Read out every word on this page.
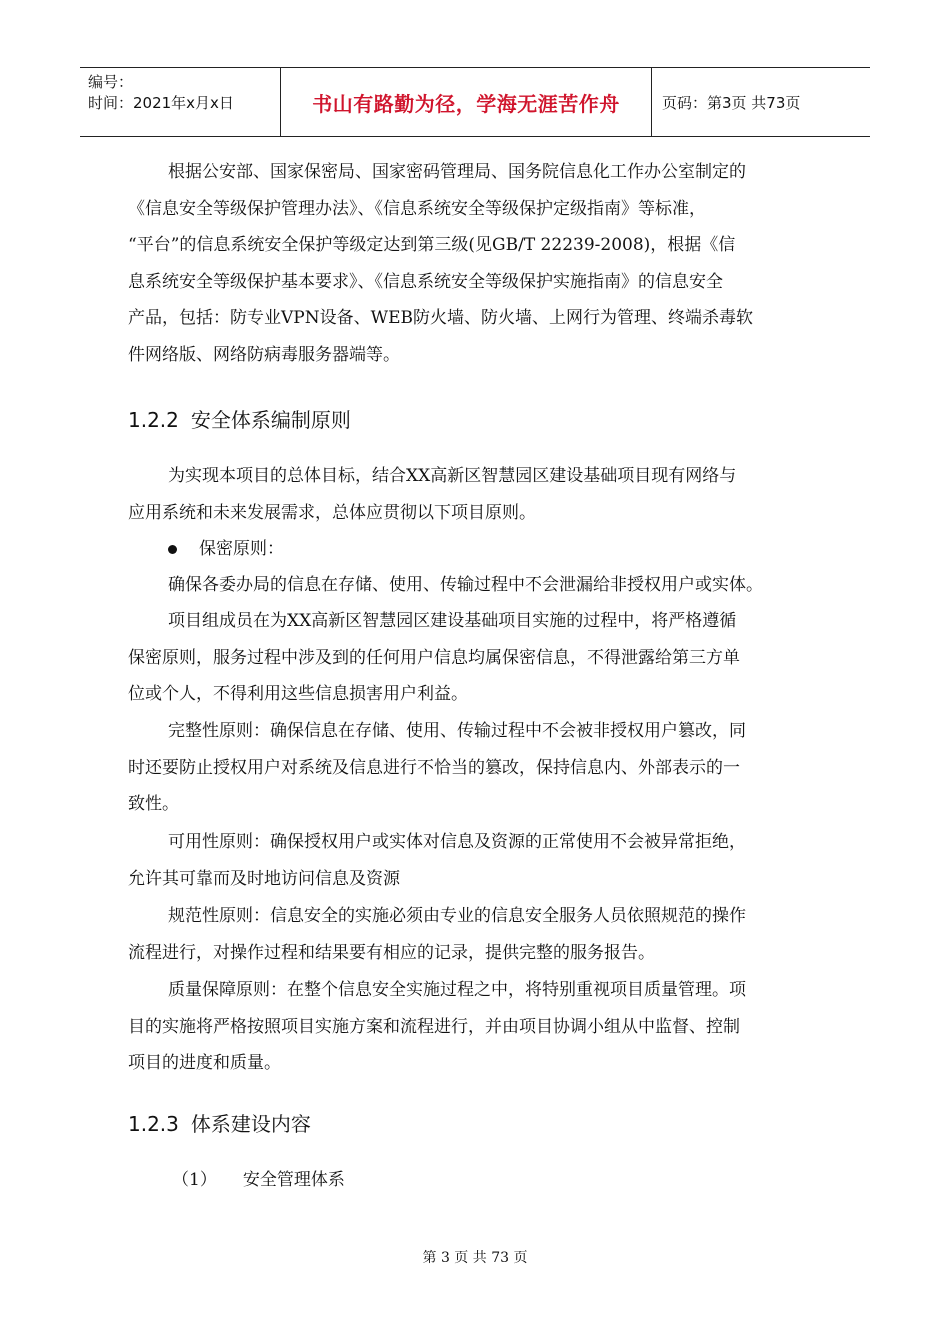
编号：
时间：2021年x月x日	书山有路勤为径，学海无涯苦作舟	页码：第3页 共73页
根据公安部、国家保密局、国家密码管理局、国务院信息化工作办公室制定的
《信息安全等级保护管理办法》、《信息系统安全等级保护定级指南》等标准，
“平台”的信息系统安全保护等级定达到第三级(见GB/T 22239-2008)，根据《信
息系统安全等级保护基本要求》、《信息系统安全等级保护实施指南》的信息安全
产品，包括：防专业VPN设备、WEB防火墙、防火墙、上网行为管理、终端杀毒软
件网络版、网络防病毒服务器端等。
1.2.2 安全体系编制原则
为实现本项目的总体目标，结合XX高新区智慧园区建设基础项目现有网络与
应用系统和未来发展需求，总体应贯彻以下项目原则。
保密原则：
确保各委办局的信息在存储、使用、传输过程中不会泄漏给非授权用户或实体。
项目组成员在为XX高新区智慧园区建设基础项目实施的过程中，将严格遵循
保密原则，服务过程中涉及到的任何用户信息均属保密信息，不得泄露给第三方单
位或个人，不得利用这些信息损害用户利益。
完整性原则：确保信息在存储、使用、传输过程中不会被非授权用户篡改，同
时还要防止授权用户对系统及信息进行不恰当的篡改，保持信息内、外部表示的一
致性。
可用性原则：确保授权用户或实体对信息及资源的正常使用不会被异常拒绝，
允许其可靠而及时地访问信息及资源
规范性原则：信息安全的实施必须由专业的信息安全服务人员依照规范的操作
流程进行，对操作过程和结果要有相应的记录，提供完整的服务报告。
质量保障原则：在整个信息安全实施过程之中，将特别重视项目质量管理。项
目的实施将严格按照项目实施方案和流程进行，并由项目协调小组从中监督、控制
项目的进度和质量。
1.2.3 体系建设内容
（1） 安全管理体系
第 3 页 共 73 页
